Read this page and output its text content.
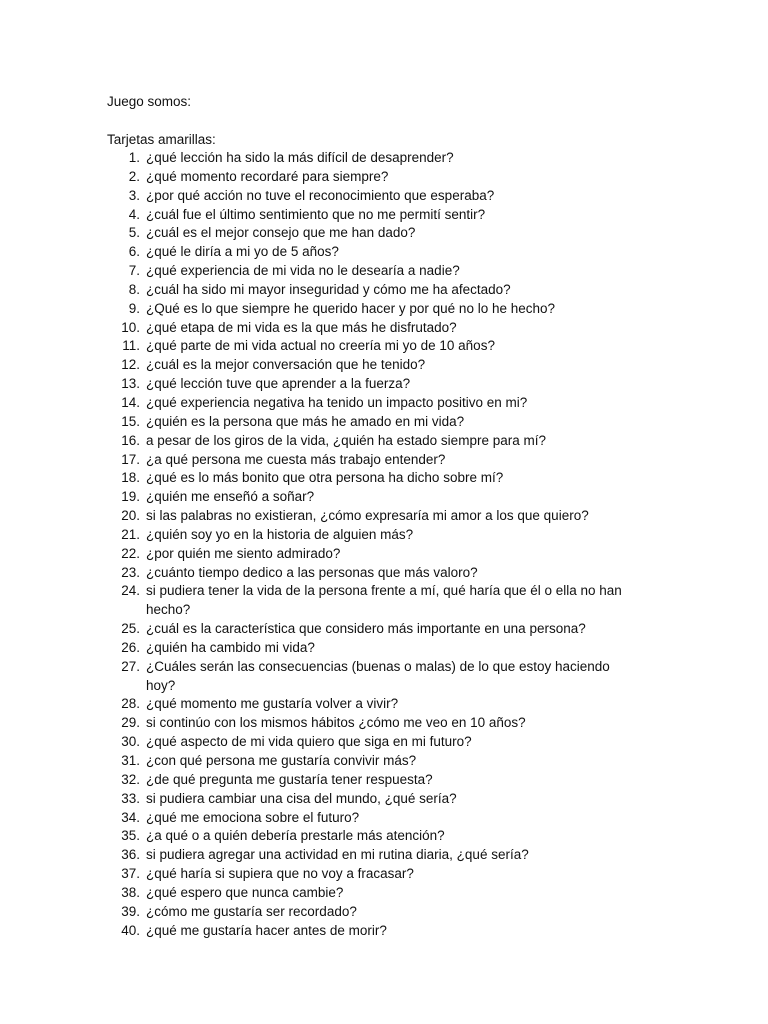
Juego somos:
Tarjetas amarillas:
1. ¿qué lección ha sido la más difícil de desaprender?
2. ¿qué momento recordaré para siempre?
3. ¿por qué acción no tuve el reconocimiento que esperaba?
4. ¿cuál fue el último sentimiento que no me permití sentir?
5. ¿cuál es el mejor consejo que me han dado?
6. ¿qué le diría a mi yo de 5 años?
7. ¿qué experiencia de mi vida no le desearía a nadie?
8. ¿cuál ha sido mi mayor inseguridad y cómo me ha afectado?
9. ¿Qué es lo que siempre he querido hacer y por qué no lo he hecho?
10. ¿qué etapa de mi vida es la que más he disfrutado?
11. ¿qué parte de mi vida actual no creería mi yo de 10 años?
12. ¿cuál es la mejor conversación que he tenido?
13. ¿qué lección tuve que aprender a la fuerza?
14. ¿qué experiencia negativa ha tenido un impacto positivo en mi?
15. ¿quién es la persona que más he amado en mi vida?
16. a pesar de los giros de la vida, ¿quién ha estado siempre para mí?
17. ¿a qué persona me cuesta más trabajo entender?
18. ¿qué es lo más bonito que otra persona ha dicho sobre mí?
19. ¿quién me enseñó a soñar?
20. si las palabras no existieran, ¿cómo expresaría mi amor a los que quiero?
21. ¿quién soy yo en la historia de alguien más?
22. ¿por quién me siento admirado?
23. ¿cuánto tiempo dedico a las personas que más valoro?
24. si pudiera tener la vida de la persona frente a mí, qué haría que él o ella no han hecho?
25. ¿cuál es la característica que considero más importante en una persona?
26. ¿quién ha cambido mi vida?
27. ¿Cuáles serán las consecuencias (buenas o malas) de lo que estoy haciendo hoy?
28. ¿qué momento me gustaría volver a vivir?
29. si continúo con los mismos hábitos ¿cómo me veo en 10 años?
30. ¿qué aspecto de mi vida quiero que siga en mi futuro?
31. ¿con qué persona me gustaría convivir más?
32. ¿de qué pregunta me gustaría tener respuesta?
33. si pudiera cambiar una cisa del mundo, ¿qué sería?
34. ¿qué me emociona sobre el futuro?
35. ¿a qué o a quién debería prestarle más atención?
36. si pudiera agregar una actividad en mi rutina diaria, ¿qué sería?
37. ¿qué haría si supiera que no voy a fracasar?
38. ¿qué espero que nunca cambie?
39. ¿cómo me gustaría ser recordado?
40. ¿qué me gustaría hacer antes de morir?
